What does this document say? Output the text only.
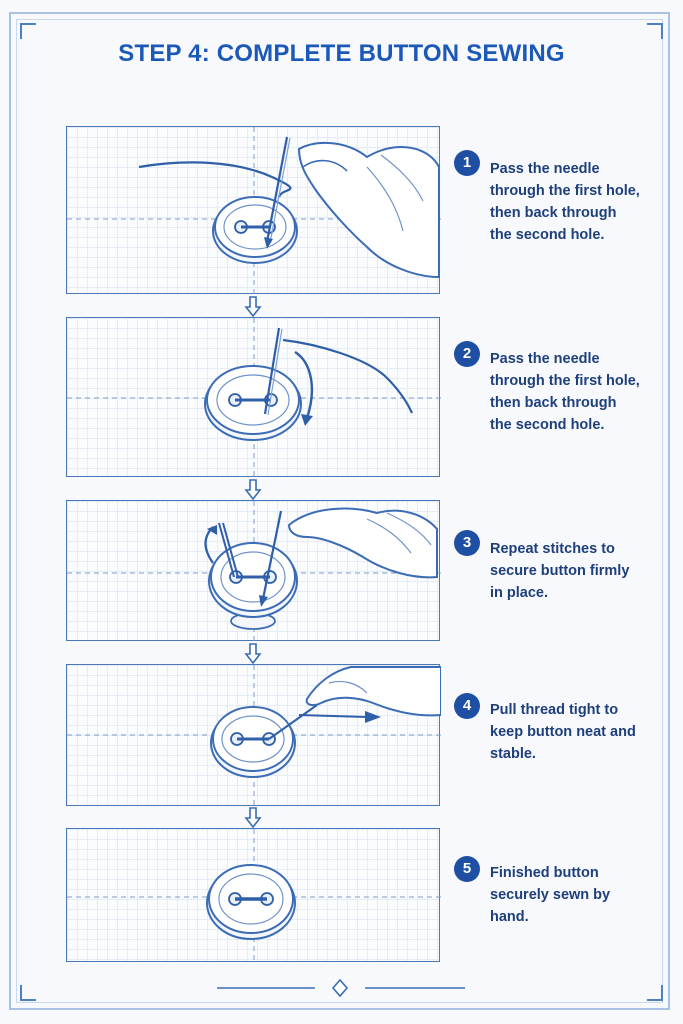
STEP 4: COMPLETE BUTTON SEWING
1	Pass the needle through the first hole, then back through the second hole.
2	Pass the needle through the first hole, then back through the second hole.
3	Repeat stitches to secure button firmly in place.
4	Pull thread tight to keep button neat and stable.
5	Finished button securely sewn by hand.
